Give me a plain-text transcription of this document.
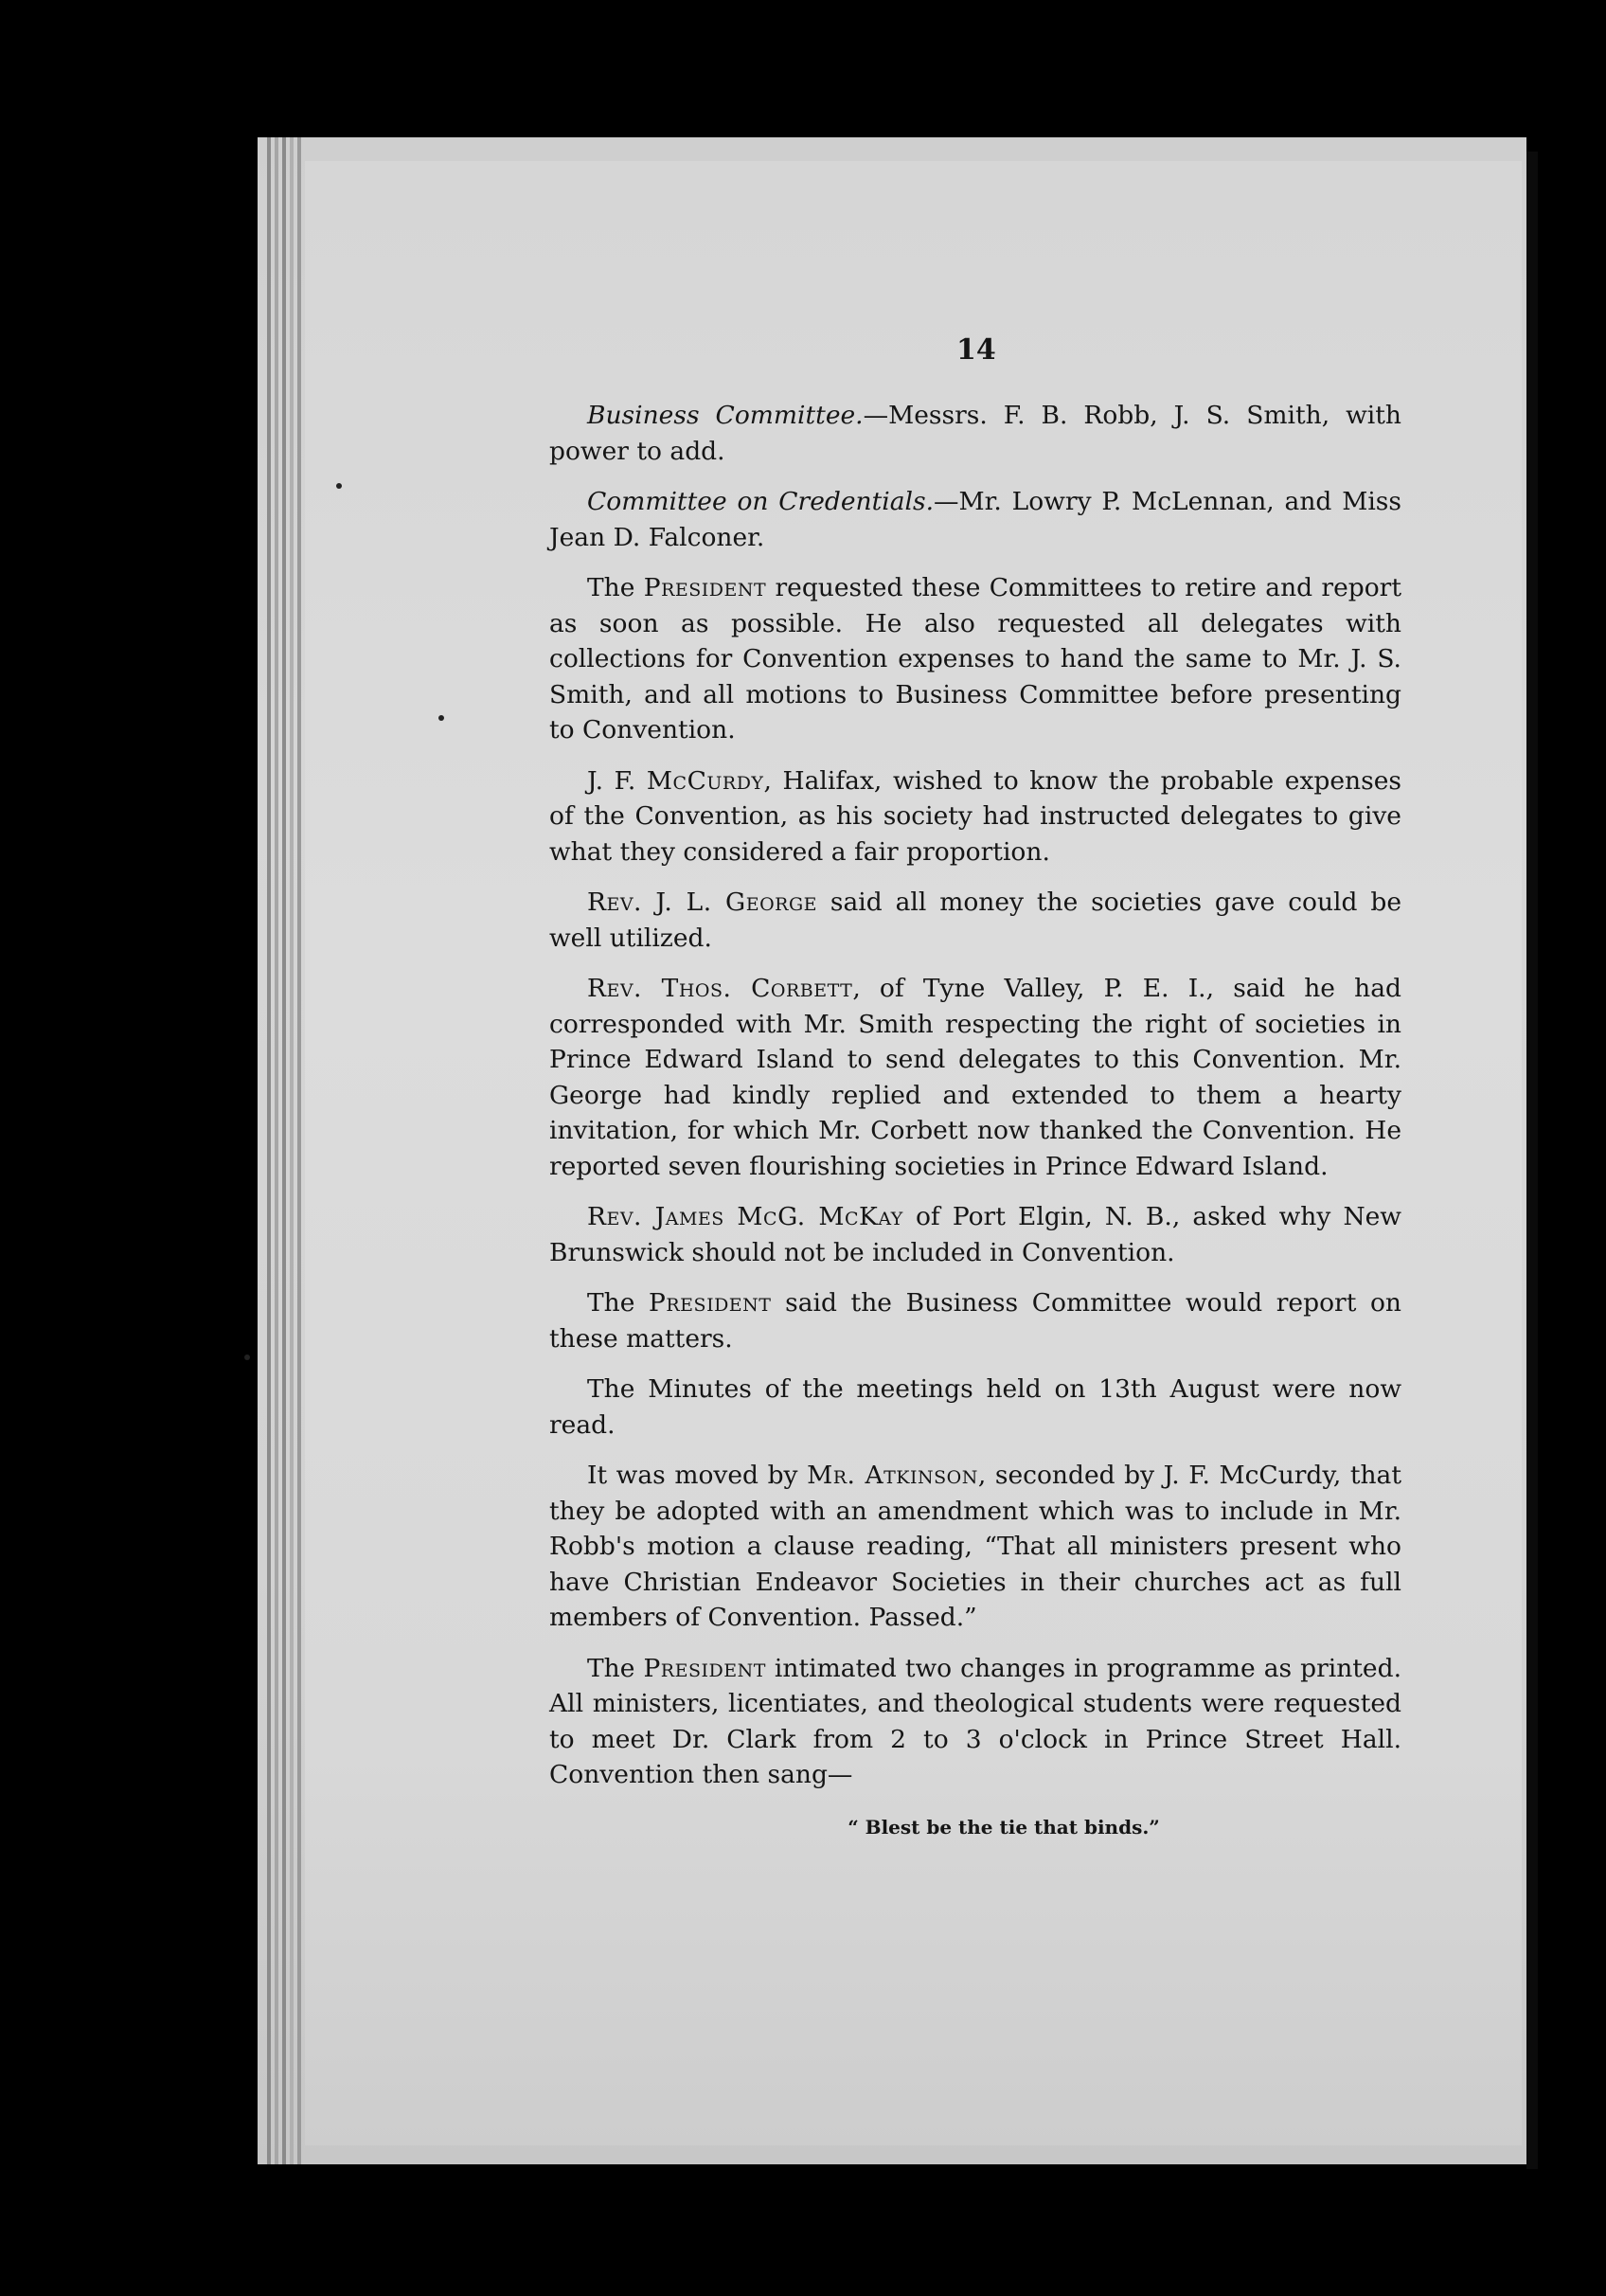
14

Business Committee.—Messrs. F. B. Robb, J. S. Smith, with power to add.

Committee on Credentials.—Mr. Lowry P. McLennan, and Miss Jean D. Falconer.

The President requested these Committees to retire and report as soon as possible. He also requested all delegates with collections for Convention expenses to hand the same to Mr. J. S. Smith, and all motions to Business Committee before presenting to Convention.

J. F. McCurdy, Halifax, wished to know the probable expenses of the Convention, as his society had instructed delegates to give what they considered a fair proportion.

Rev. J. L. George said all money the societies gave could be well utilized.

Rev. Thos. Corbett, of Tyne Valley, P. E. I., said he had corresponded with Mr. Smith respecting the right of societies in Prince Edward Island to send delegates to this Convention. Mr. George had kindly replied and extended to them a hearty invitation, for which Mr. Corbett now thanked the Convention. He reported seven flourishing societies in Prince Edward Island.

Rev. James McG. McKay of Port Elgin, N. B., asked why New Brunswick should not be included in Convention.

The President said the Business Committee would report on these matters.

The Minutes of the meetings held on 13th August were now read.

It was moved by Mr. Atkinson, seconded by J. F. McCurdy, that they be adopted with an amendment which was to include in Mr. Robb's motion a clause reading, “That all ministers present who have Christian Endeavor Societies in their churches act as full members of Convention. Passed.”

The President intimated two changes in programme as printed. All ministers, licentiates, and theological students were requested to meet Dr. Clark from 2 to 3 o'clock in Prince Street Hall. Convention then sang—

“ Blest be the tie that binds.”
